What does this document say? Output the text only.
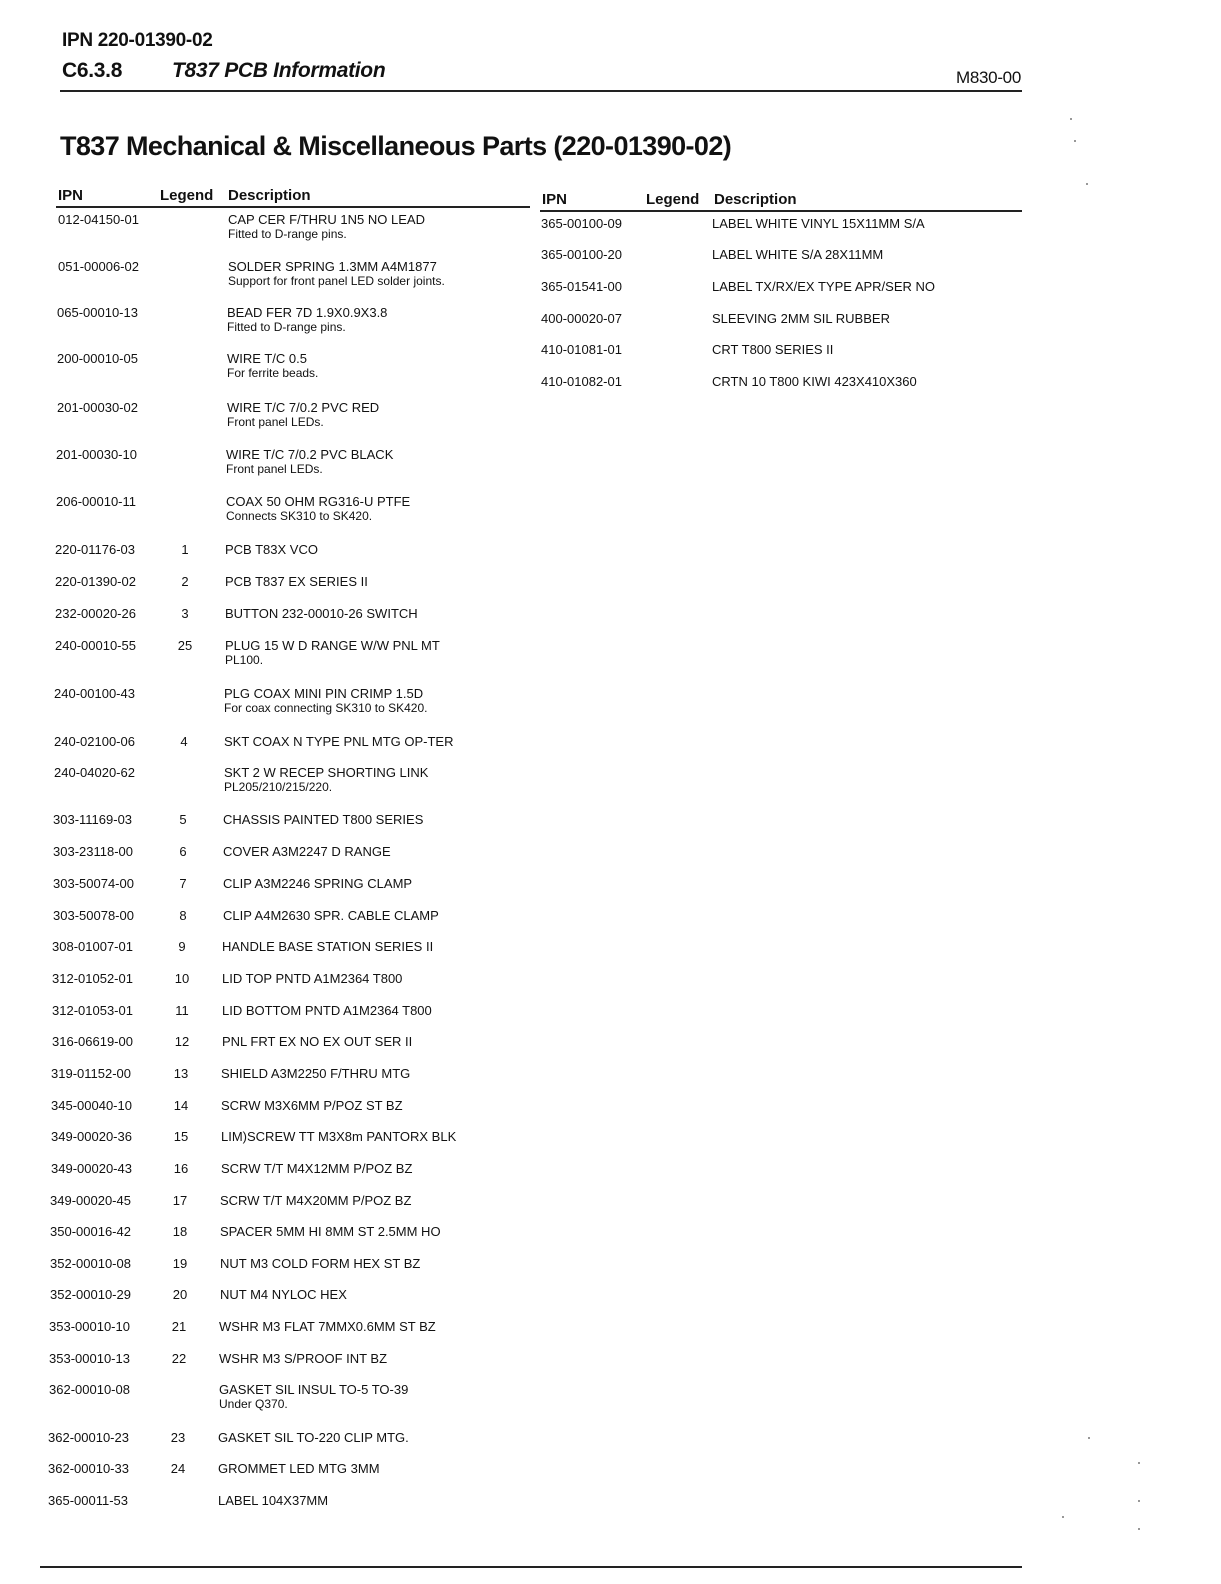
IPN 220-01390-02
C6.3.8 T837 PCB Information	M830-00
T837 Mechanical & Miscellaneous Parts (220-01390-02)
IPN	Legend Description	IPN	Legend Description
012-04150-01	CAP CER F/THRU 1N5 NO LEAD
Fitted to D-range pins.
051-00006-02	SOLDER SPRING 1.3MM A4M1877
Support for front panel LED solder joints.
065-00010-13	BEAD FER 7D 1.9X0.9X3.8
Fitted to D-range pins.
200-00010-05	WIRE T/C 0.5
For ferrite beads.
201-00030-02	WIRE T/C 7/0.2 PVC RED
Front panel LEDs.
201-00030-10	WIRE T/C 7/0.2 PVC BLACK
Front panel LEDs.
206-00010-11	COAX 50 OHM RG316-U PTFE
Connects SK310 to SK420.
220-01176-03	1	PCB T83X VCO
220-01390-02	2	PCB T837 EX SERIES II
232-00020-26	3	BUTTON 232-00010-26 SWITCH
240-00010-55	25	PLUG 15 W D RANGE W/W PNL MT
PL100.
240-00100-43	PLG COAX MINI PIN CRIMP 1.5D
For coax connecting SK310 to SK420.
240-02100-06	4	SKT COAX N TYPE PNL MTG OP-TER
240-04020-62	SKT 2 W RECEP SHORTING LINK
PL205/210/215/220.
303-11169-03	5	CHASSIS PAINTED T800 SERIES
303-23118-00	6	COVER A3M2247 D RANGE
303-50074-00	7	CLIP A3M2246 SPRING CLAMP
303-50078-00	8	CLIP A4M2630 SPR. CABLE CLAMP
308-01007-01	9	HANDLE BASE STATION SERIES II
312-01052-01	10	LID TOP PNTD A1M2364 T800
312-01053-01	11	LID BOTTOM PNTD A1M2364 T800
316-06619-00	12	PNL FRT EX NO EX OUT SER II
319-01152-00	13	SHIELD A3M2250 F/THRU MTG
345-00040-10	14	SCRW M3X6MM P/POZ ST BZ
349-00020-36	15	LIM)SCREW TT M3X8m PANTORX BLK
349-00020-43	16	SCRW T/T M4X12MM P/POZ BZ
349-00020-45	17	SCRW T/T M4X20MM P/POZ BZ
350-00016-42	18	SPACER 5MM HI 8MM ST 2.5MM HO
352-00010-08	19	NUT M3 COLD FORM HEX ST BZ
352-00010-29	20	NUT M4 NYLOC HEX
353-00010-10	21	WSHR M3 FLAT 7MMX0.6MM ST BZ
353-00010-13	22	WSHR M3 S/PROOF INT BZ
362-00010-08	GASKET SIL INSUL TO-5 TO-39
Under Q370.
362-00010-23	23	GASKET SIL TO-220 CLIP MTG.
362-00010-33	24	GROMMET LED MTG 3MM
365-00011-53	LABEL 104X37MM
365-00100-09	LABEL WHITE VINYL 15X11MM S/A
365-00100-20	LABEL WHITE S/A 28X11MM
365-01541-00	LABEL TX/RX/EX TYPE APR/SER NO
400-00020-07	SLEEVING 2MM SIL RUBBER
410-01081-01	CRT T800 SERIES II
410-01082-01	CRTN 10 T800 KIWI 423X410X360
